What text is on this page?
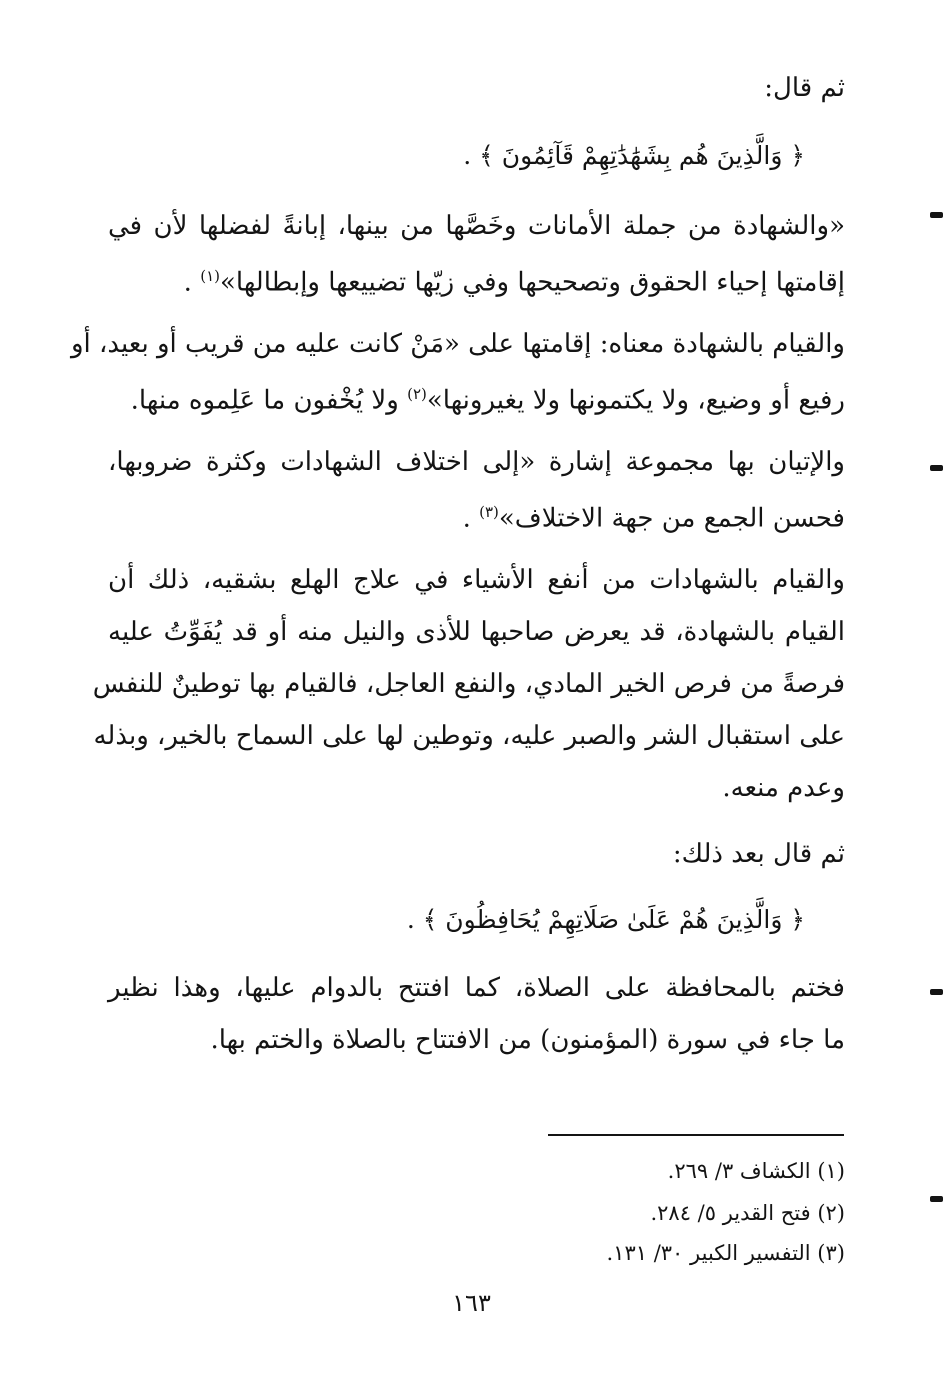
ثم قال:

﴿ وَالَّذِينَ هُم بِشَهَٰدَٰتِهِمْ قَآئِمُونَ ﴾ .

«والشهادة من جملة الأمانات وخَصَّها من بينها، إبانةً لفضلها لأن في

إقامتها إحياء الحقوق وتصحيحها وفي زيّها تضييعها وإبطالها»$^{(١)}$ .

والقيام بالشهادة معناه: إقامتها على «مَنْ كانت عليه من قريب أو بعيد، أو

رفيع أو وضيع، ولا يكتمونها ولا يغيرونها»$^{(٢)}$ ولا يُخْفون ما عَلِموه منها.

والإتيان بها مجموعة إشارة «إلى اختلاف الشهادات وكثرة ضروبها،

فحسن الجمع من جهة الاختلاف»$^{(٣)}$ .

والقيام بالشهادات من أنفع الأشياء في علاج الهلع بشقيه، ذلك أن

القيام بالشهادة، قد يعرض صاحبها للأذى والنيل منه أو قد يُفَوِّتُ عليه

فرصةً من فرص الخير المادي، والنفع العاجل، فالقيام بها توطينٌ للنفس

على استقبال الشر والصبر عليه، وتوطين لها على السماح بالخير، وبذله

وعدم منعه.

ثم قال بعد ذلك:

﴿ وَالَّذِينَ هُمْ عَلَىٰ صَلَاتِهِمْ يُحَافِظُونَ ﴾ .

فختم بالمحافظة على الصلاة، كما افتتح بالدوام عليها، وهذا نظير

ما جاء في سورة (المؤمنون) من الافتتاح بالصلاة والختم بها.

(١) الكشاف ٣/ ٢٦٩.

(٢) فتح القدير ٥/ ٢٨٤.

(٣) التفسير الكبير ٣٠/ ١٣١.

١٦٣
